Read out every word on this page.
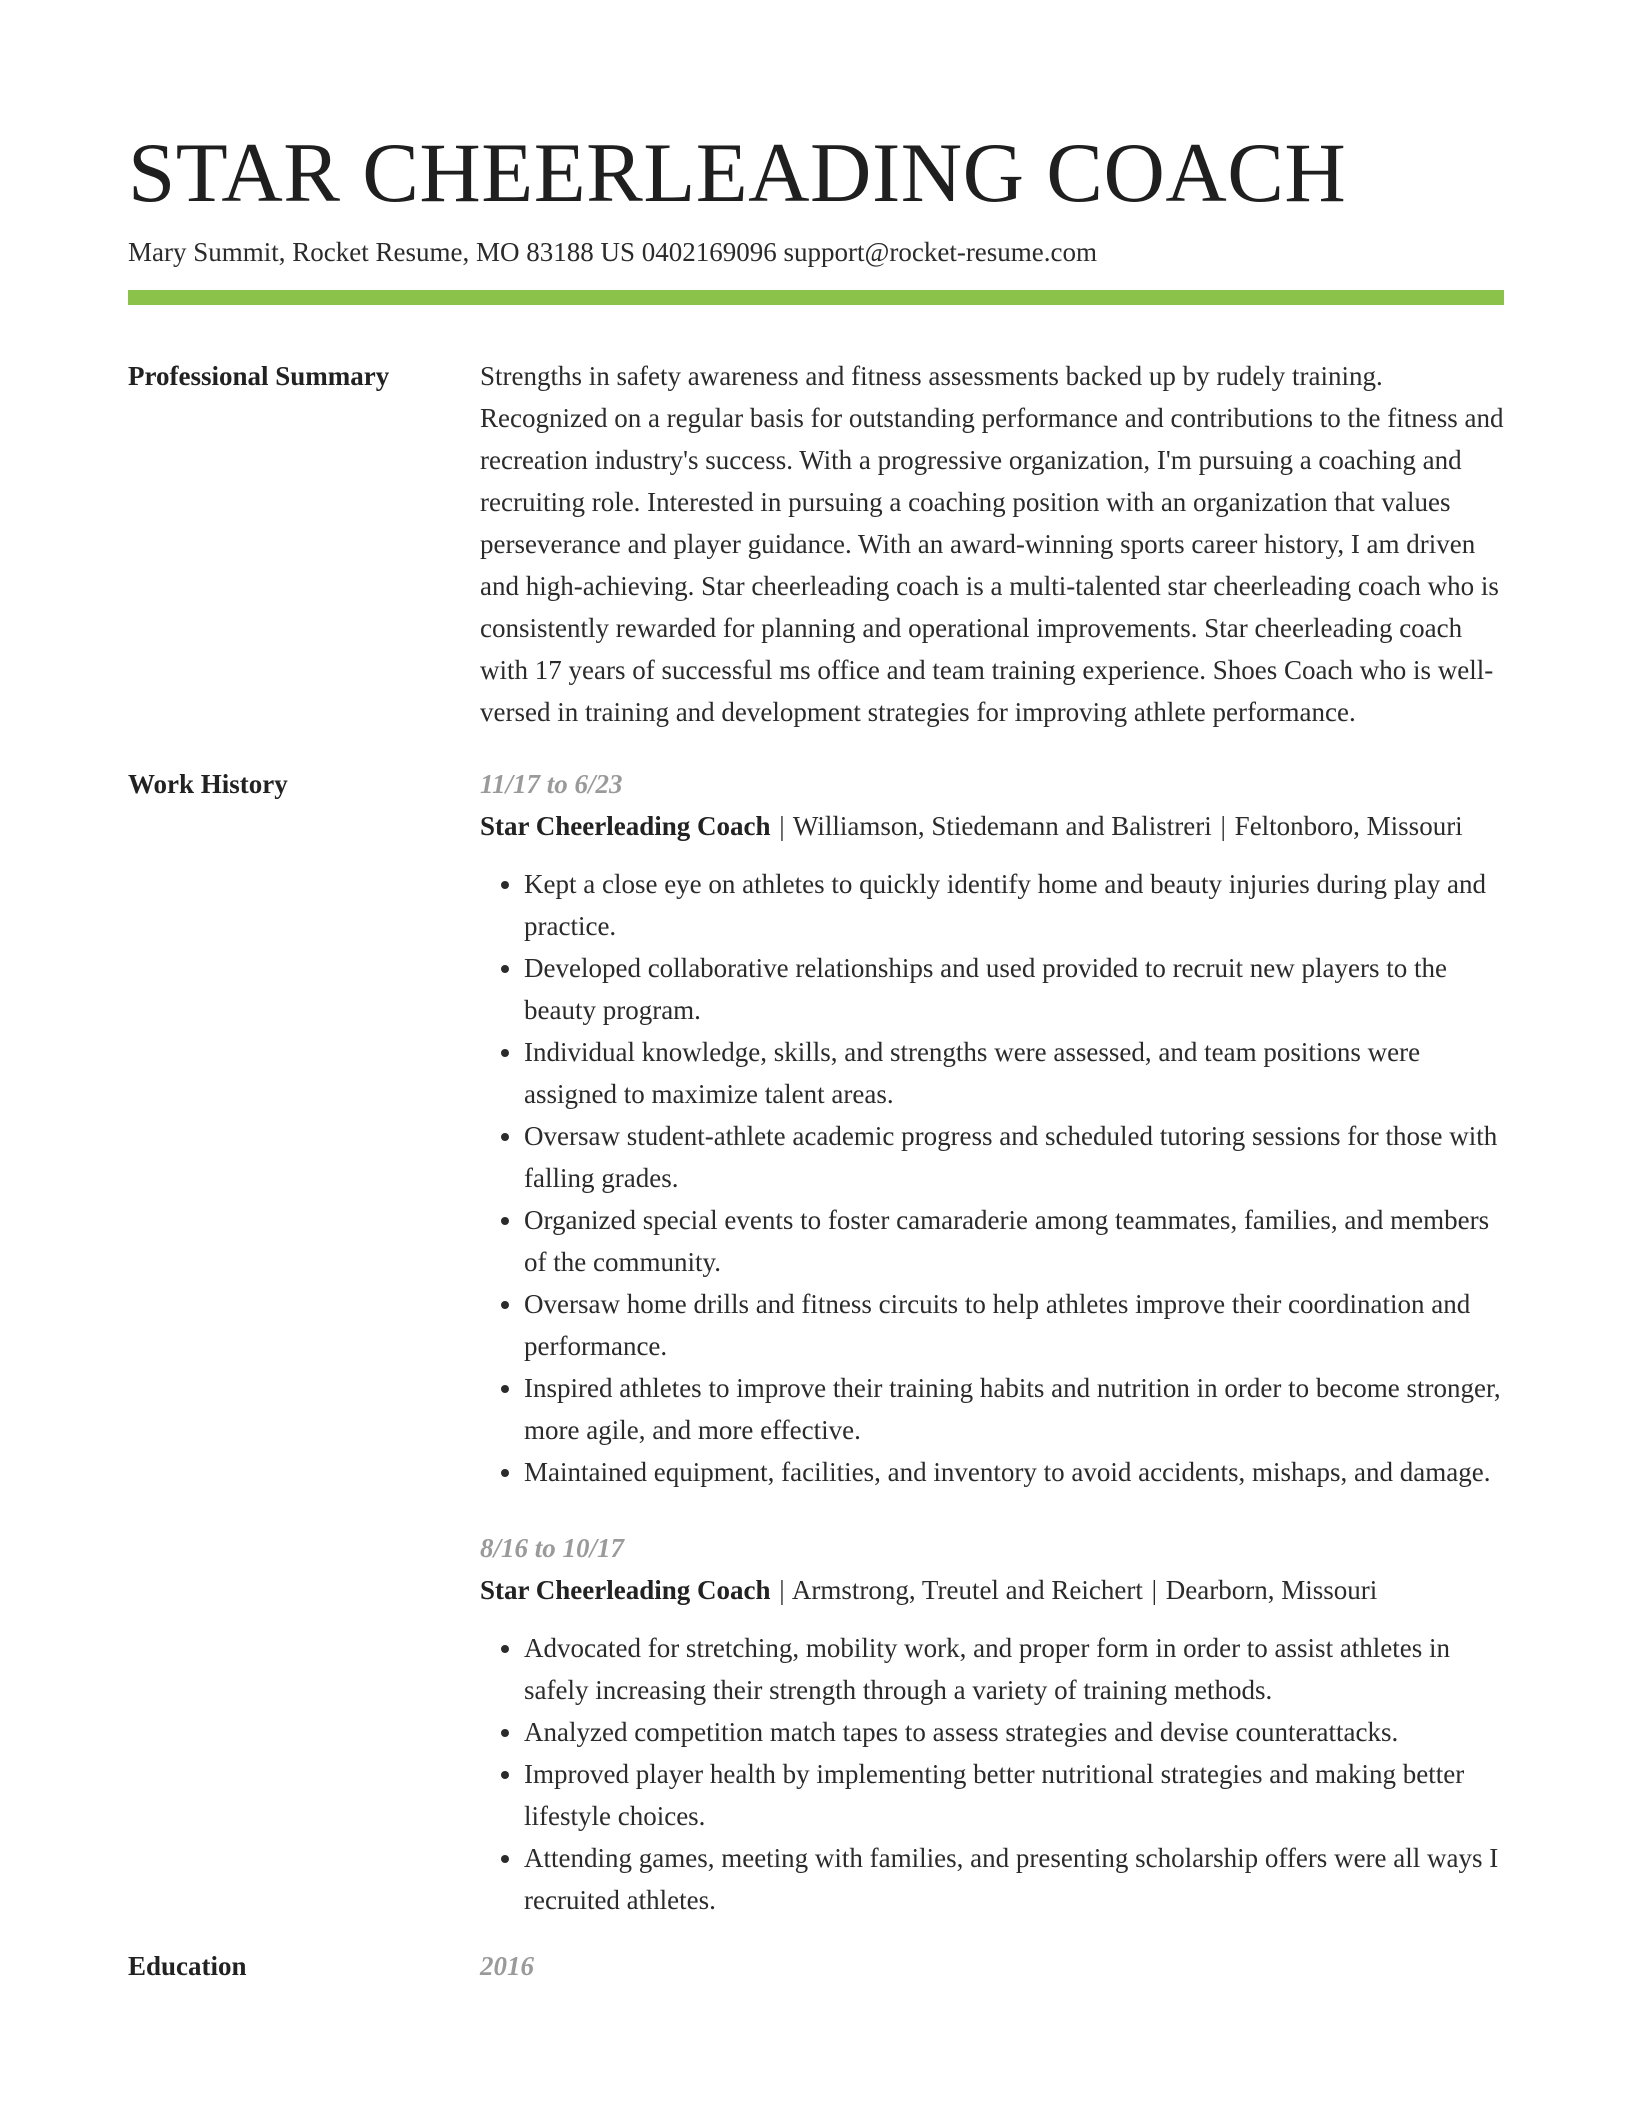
STAR CHEERLEADING COACH
Mary Summit, Rocket Resume, MO 83188 US 0402169096 support@rocket-resume.com
Professional Summary	Strengths in safety awareness and fitness assessments backed up by rudely training. Recognized on a regular basis for outstanding performance and contributions to the fitness and recreation industry's success. With a progressive organization, I'm pursuing a coaching and recruiting role. Interested in pursuing a coaching position with an organization that values perseverance and player guidance. With an award-winning sports career history, I am driven and high-achieving. Star cheerleading coach is a multi-talented star cheerleading coach who is consistently rewarded for planning and operational improvements. Star cheerleading coach with 17 years of successful ms office and team training experience. Shoes Coach who is well-versed in training and development strategies for improving athlete performance.
Work History	11/17 to 6/23
Star Cheerleading Coach | Williamson, Stiedemann and Balistreri | Feltonboro, Missouri
• Kept a close eye on athletes to quickly identify home and beauty injuries during play and practice.
• Developed collaborative relationships and used provided to recruit new players to the beauty program.
• Individual knowledge, skills, and strengths were assessed, and team positions were assigned to maximize talent areas.
• Oversaw student-athlete academic progress and scheduled tutoring sessions for those with falling grades.
• Organized special events to foster camaraderie among teammates, families, and members of the community.
• Oversaw home drills and fitness circuits to help athletes improve their coordination and performance.
• Inspired athletes to improve their training habits and nutrition in order to become stronger, more agile, and more effective.
• Maintained equipment, facilities, and inventory to avoid accidents, mishaps, and damage.
8/16 to 10/17
Star Cheerleading Coach | Armstrong, Treutel and Reichert | Dearborn, Missouri
• Advocated for stretching, mobility work, and proper form in order to assist athletes in safely increasing their strength through a variety of training methods.
• Analyzed competition match tapes to assess strategies and devise counterattacks.
• Improved player health by implementing better nutritional strategies and making better lifestyle choices.
• Attending games, meeting with families, and presenting scholarship offers were all ways I recruited athletes.
Education	2016
